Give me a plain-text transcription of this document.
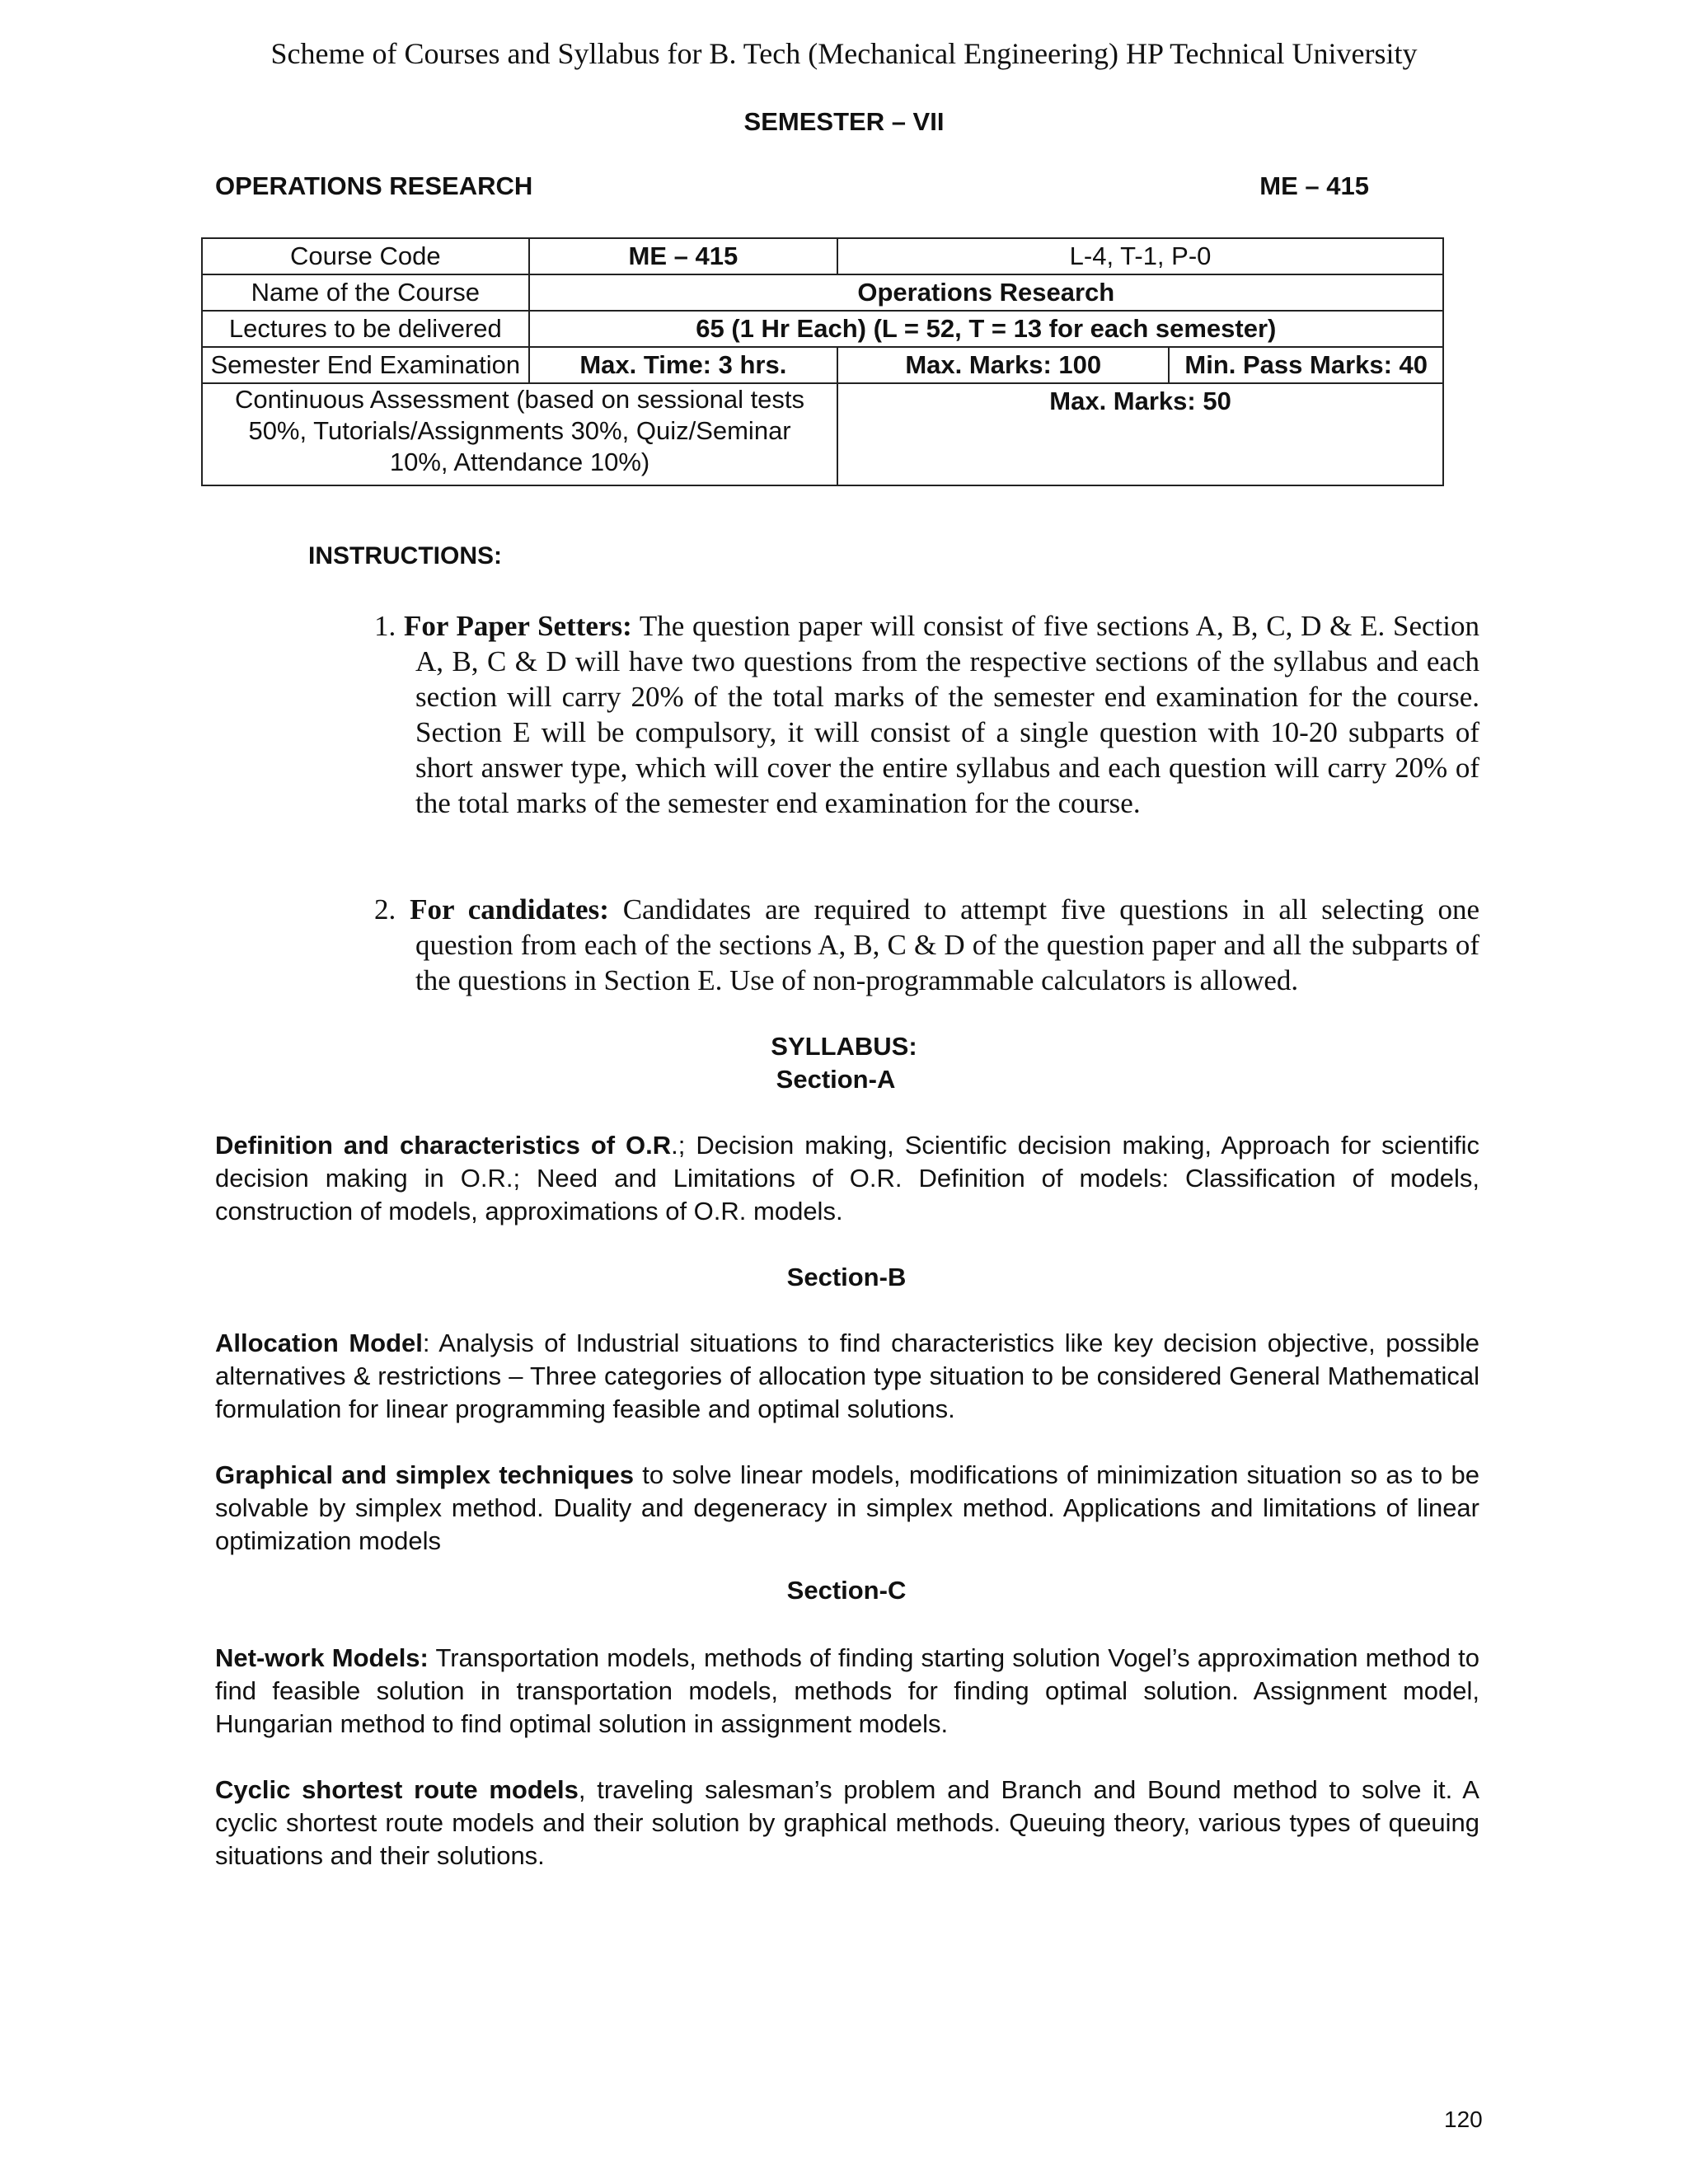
Scheme of Courses and Syllabus for B. Tech (Mechanical Engineering) HP Technical University
SEMESTER – VII
OPERATIONS RESEARCH	ME – 415
Course Code	ME – 415	L-4, T-1, P-0	
Name of the Course	Operations Research		
Lectures to be delivered	65 (1 Hr Each) (L = 52, T = 13 for each semester)		
Semester End Examination	Max. Time: 3 hrs.	Max. Marks: 100	Min. Pass Marks: 40
Continuous Assessment (based on sessional tests 50%, Tutorials/Assignments 30%, Quiz/Seminar 10%, Attendance 10%)		Max. Marks: 50	
INSTRUCTIONS:

1. For Paper Setters: The question paper will consist of five sections A, B, C, D & E. Section A, B, C & D will have two questions from the respective sections of the syllabus and each section will carry 20% of the total marks of the semester end examination for the course. Section E will be compulsory, it will consist of a single question with 10-20 subparts of short answer type, which will cover the entire syllabus and each question will carry 20% of the total marks of the semester end examination for the course.

2. For candidates: Candidates are required to attempt five questions in all selecting one question from each of the sections A, B, C & D of the question paper and all the subparts of the questions in Section E. Use of non-programmable calculators is allowed.

SYLLABUS:
Section-A

Definition and characteristics of O.R.; Decision making, Scientific decision making, Approach for scientific decision making in O.R.; Need and Limitations of O.R. Definition of models: Classification of models, construction of models, approximations of O.R. models.

Section-B

Allocation Model: Analysis of Industrial situations to find characteristics like key decision objective, possible alternatives & restrictions – Three categories of allocation type situation to be considered General Mathematical formulation for linear programming feasible and optimal solutions.

Graphical and simplex techniques to solve linear models, modifications of minimization situation so as to be solvable by simplex method. Duality and degeneracy in simplex method. Applications and limitations of linear optimization models

Section-C

Net-work Models: Transportation models, methods of finding starting solution Vogel’s approximation method to find feasible solution in transportation models, methods for finding optimal solution. Assignment model, Hungarian method to find optimal solution in assignment models.

Cyclic shortest route models, traveling salesman’s problem and Branch and Bound method to solve it. A cyclic shortest route models and their solution by graphical methods. Queuing theory, various types of queuing situations and their solutions.

120
